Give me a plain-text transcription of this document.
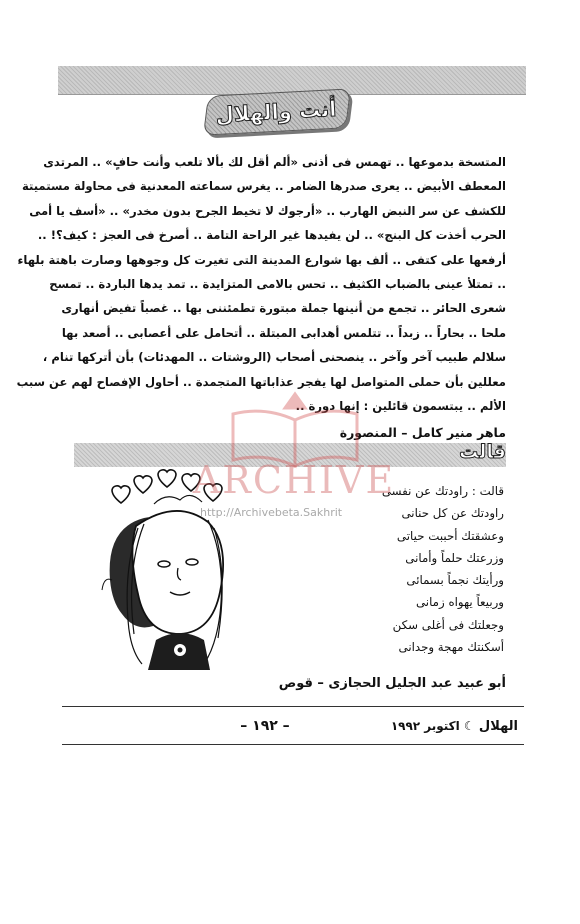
أنت والهلال
المتسخة بدموعها .. تهمس فى أذنى «ألم أقل لك بألا تلعب وأنت حافٍ» .. المرتدى
المعطف الأبيض .. يعرى صدرها الضامر .. يغرس سماعته المعدنية فى محاولة مستميتة
للكشف عن سر النبض الهارب .. «أرجوك لا تخيط الجرح بدون مخدر» .. «أسف يا أمى
الحرب أخذت كل البنج» .. لن يفيدها غير الراحة التامة .. أصرخ فى العجز : كيف؟! ..
أرفعها على كتفى .. ألف بها شوارع المدينة التى تغيرت كل وجوهها وصارت باهتة بلهاء
.. تمتلأ عينى بالضباب الكثيف .. تحس بالامى المتزايدة .. تمد يدها الباردة .. تمسح
شعرى الحائر .. تجمع من أنينها جملة مبتورة تطمئننى بها .. غصباً تفيض أنهارى
ملحا .. بحاراً .. زبداً .. تتلمس أهدابى المبتلة .. أتحامل على أعصابى .. أصعد بها
سلالم طبيب آخر وآخر .. ينصحنى أصحاب (الروشتات .. المهدئات) بأن أتركها تنام ،
معللين بأن حملى المتواصل لها يفجر عذاباتها المتجمدة .. أحاول الإفصاح لهم عن سبب
الألم .. يبتسمون قائلين : إنها دورة ..
ماهر منير كامل – المنصورة
قالت
قالت : راودتك عن نفسى
راودتك عن كل حنانى
وعشقتك أحببت حياتى
وزرعتك حلماً وأمانى
ورأيتك نجماً بسمائى
وربيعاً يهواه زمانى
وجعلتك فى أغلى سكن
أسكنتك مهجة وجدانى
أبو عبيد عبد الجليل الحجازى – قوص
الهلال ☾ اكتوبر ١٩٩٢
– ١٩٢ –
ARCHIVE
http://Archivebeta.Sakhrit
